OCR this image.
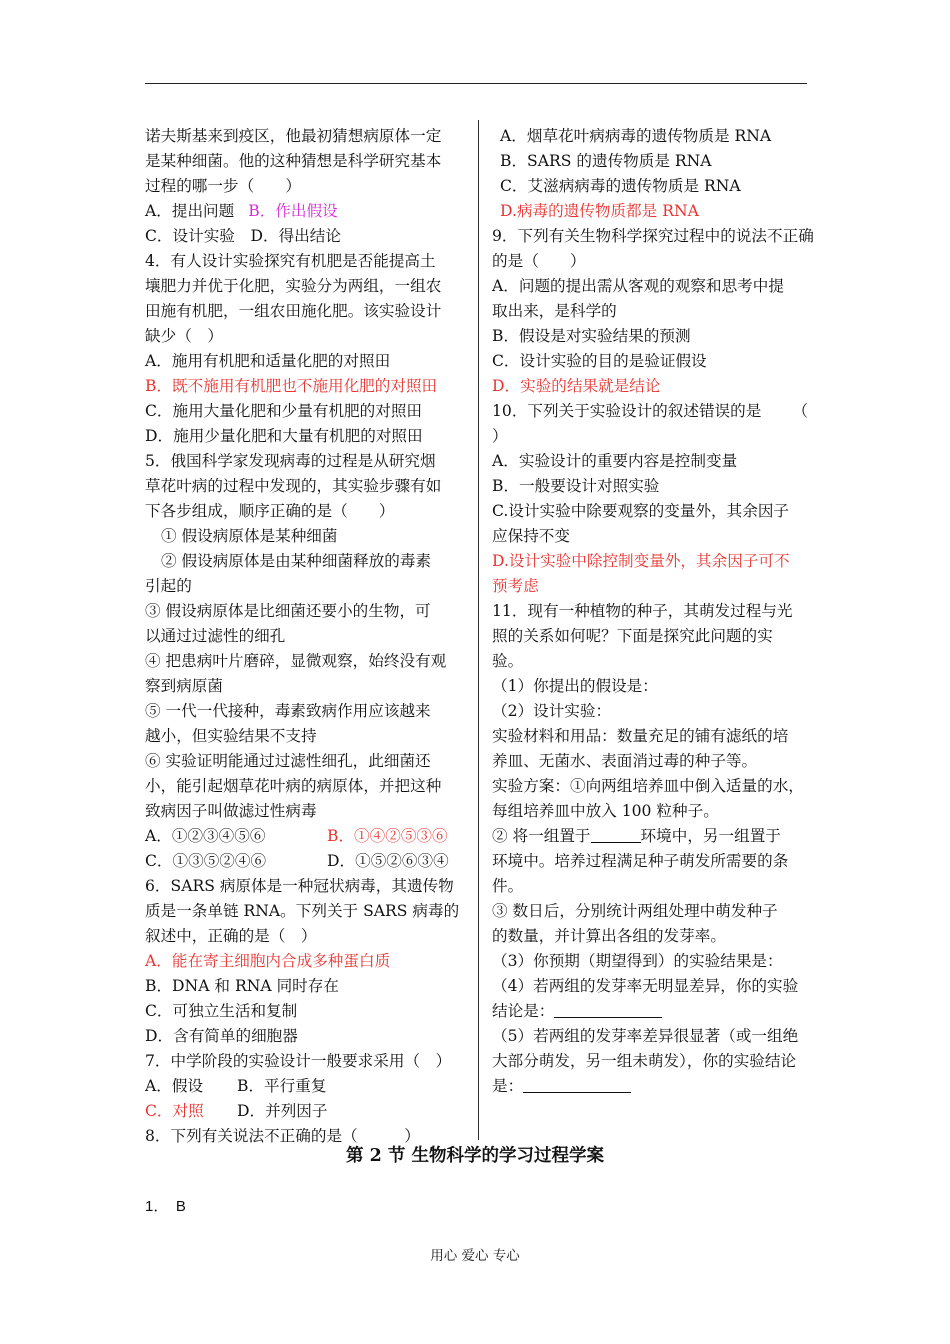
诺夫斯基来到疫区，他最初猜想病原体一定
是某种细菌。他的这种猜想是科学研究基本
过程的哪一步（　　）
A．提出问题 B．作出假设
C．设计实验　D．得出结论
4．有人设计实验探究有机肥是否能提高土
壤肥力并优于化肥，实验分为两组，一组农
田施有机肥，一组农田施化肥。该实验设计
缺少（　）
A．施用有机肥和适量化肥的对照田
B．既不施用有机肥也不施用化肥的对照田
C．施用大量化肥和少量有机肥的对照田
D．施用少量化肥和大量有机肥的对照田
5．俄国科学家发现病毒的过程是从研究烟
草花叶病的过程中发现的，其实验步骤有如
下各步组成，顺序正确的是（　　）
① 假设病原体是某种细菌
② 假设病原体是由某种细菌释放的毒素
引起的
③ 假设病原体是比细菌还要小的生物，可
以通过过滤性的细孔
④ 把患病叶片磨碎，显微观察，始终没有观
察到病原菌
⑤ 一代一代接种，毒素致病作用应该越来
越小，但实验结果不支持
⑥ 实验证明能通过过滤性细孔，此细菌还
小，能引起烟草花叶病的病原体，并把这种
致病因子叫做滤过性病毒
A．①②③④⑤⑥	B．①④②⑤③⑥
C．①③⑤②④⑥	D．①⑤②⑥③④
6．SARS 病原体是一种冠状病毒，其遗传物
质是一条单链 RNA。下列关于 SARS 病毒的
叙述中，正确的是（　）
A．能在寄主细胞内合成多种蛋白质
B．DNA 和 RNA 同时存在
C．可独立生活和复制
D．含有简单的细胞器
7．中学阶段的实验设计一般要求采用（　）
A．假设 B．平行重复
C．对照 D．并列因子
8．下列有关说法不正确的是（　　　）
A．烟草花叶病病毒的遗传物质是 RNA
B．SARS 的遗传物质是 RNA
C．艾滋病病毒的遗传物质是 RNA
D.病毒的遗传物质都是 RNA
9．下列有关生物科学探究过程中的说法不正确
的是（　　）
A．问题的提出需从客观的观察和思考中提
取出来，是科学的
B．假设是对实验结果的预测
C．设计实验的目的是验证假设
D．实验的结果就是结论
10．下列关于实验设计的叙述错误的是 （
）
A．实验设计的重要内容是控制变量
B．一般要设计对照实验
C.设计实验中除要观察的变量外，其余因子
应保持不变
D.设计实验中除控制变量外，其余因子可不
预考虑
11．现有一种植物的种子，其萌发过程与光
照的关系如何呢？下面是探究此问题的实
验。
（1）你提出的假设是：
（2）设计实验：
实验材料和用品：数量充足的铺有滤纸的培
养皿、无菌水、表面消过毒的种子等。
实验方案：①向两组培养皿中倒入适量的水，
每组培养皿中放入 100 粒种子。
② 将一组置于	环境中，另一组置于
环境中。培养过程满足种子萌发所需要的条
件。
③ 数日后，分别统计两组处理中萌发种子
的数量，并计算出各组的发芽率。
（3）你预期（期望得到）的实验结果是：
（4）若两组的发芽率无明显差异，你的实验
结论是：
（5）若两组的发芽率差异很显著（或一组绝
大部分萌发，另一组未萌发），你的实验结论
是：
第 2 节 生物科学的学习过程学案
1．　B
用心 爱心 专心
